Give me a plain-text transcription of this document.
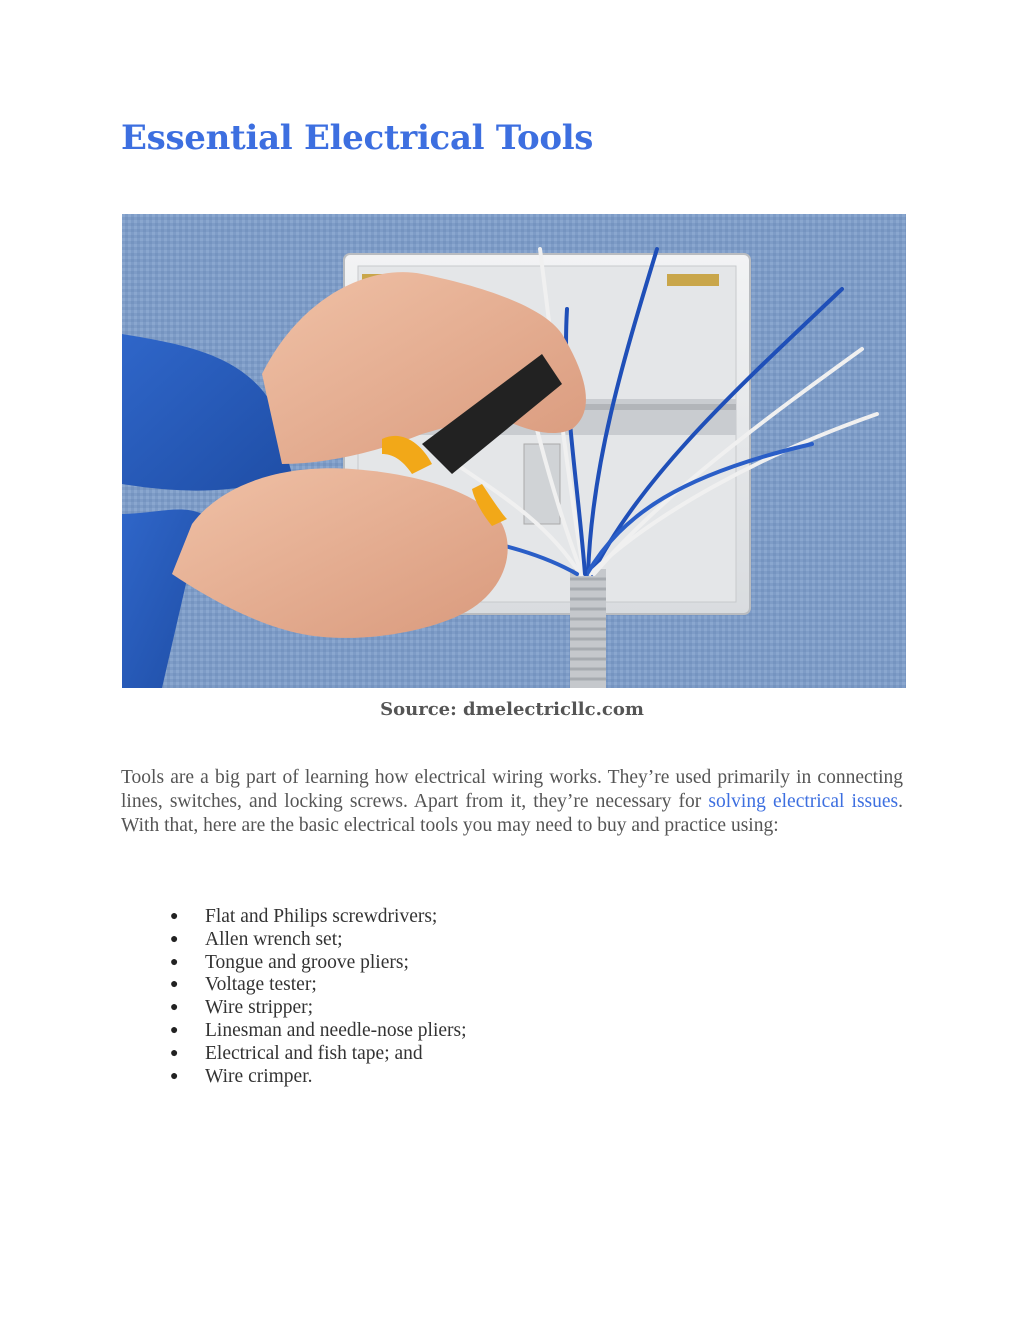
Essential Electrical Tools
Source: dmelectricllc.com

Tools are a big part of learning how electrical wiring works. They’re used primarily in connecting lines, switches, and locking screws. Apart from it, they’re necessary for solving electrical issues. With that, here are the basic electrical tools you may need to buy and practice using:

● Flat and Philips screwdrivers;
● Allen wrench set;
● Tongue and groove pliers;
● Voltage tester;
● Wire stripper;
● Linesman and needle-nose pliers;
● Electrical and fish tape; and
● Wire crimper.
